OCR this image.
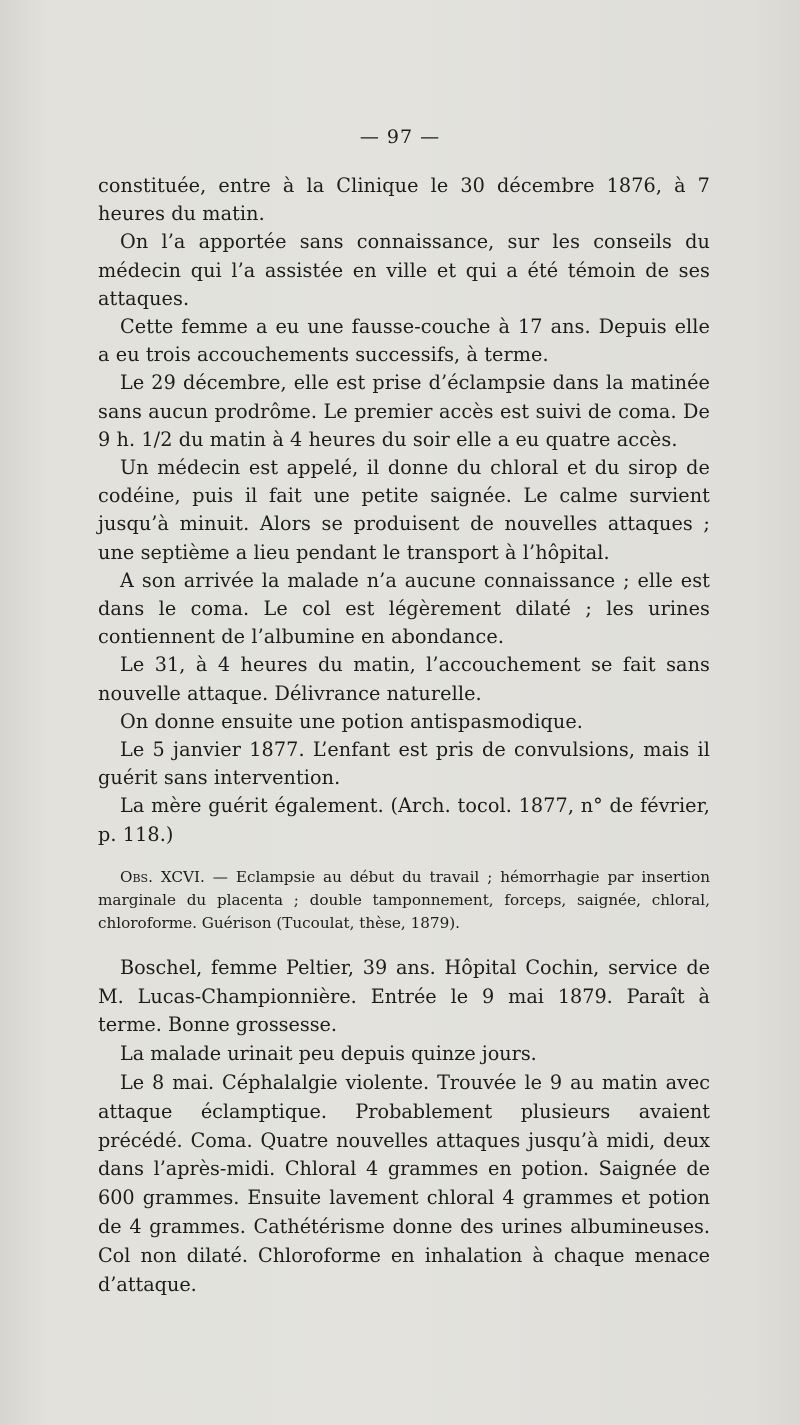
— 97 —

constituée, entre à la Clinique le 30 décembre 1876, à 7 heures du matin.

On l’a apportée sans connaissance, sur les conseils du médecin qui l’a assistée en ville et qui a été témoin de ses attaques.

Cette femme a eu une fausse-couche à 17 ans. Depuis elle a eu trois accouchements successifs, à terme.

Le 29 décembre, elle est prise d’éclampsie dans la matinée sans aucun prodrôme. Le premier accès est suivi de coma. De 9 h. 1/2 du matin à 4 heures du soir elle a eu quatre accès.

Un médecin est appelé, il donne du chloral et du sirop de codéine, puis il fait une petite saignée. Le calme survient jusqu’à minuit. Alors se produisent de nouvelles attaques ; une septième a lieu pendant le transport à l’hôpital.

A son arrivée la malade n’a aucune connaissance ; elle est dans le coma. Le col est légèrement dilaté ; les urines contiennent de l’albumine en abondance.

Le 31, à 4 heures du matin, l’accouchement se fait sans nouvelle attaque. Délivrance naturelle.

On donne ensuite une potion antispasmodique.

Le 5 janvier 1877. L’enfant est pris de convulsions, mais il guérit sans intervention.

La mère guérit également. (Arch. tocol. 1877, n° de février, p. 118.)

Obs. XCVI. — Eclampsie au début du travail ; hémorrhagie par insertion marginale du placenta ; double tamponnement, forceps, saignée, chloral, chloroforme. Guérison (Tucoulat, thèse, 1879).

Boschel, femme Peltier, 39 ans. Hôpital Cochin, service de M. Lucas-Championnière. Entrée le 9 mai 1879. Paraît à terme. Bonne grossesse.

La malade urinait peu depuis quinze jours.

Le 8 mai. Céphalalgie violente. Trouvée le 9 au matin avec attaque éclamptique. Probablement plusieurs avaient précédé. Coma. Quatre nouvelles attaques jusqu’à midi, deux dans l’après-midi. Chloral 4 grammes en potion. Saignée de 600 grammes. Ensuite lavement chloral 4 grammes et potion de 4 grammes. Cathétérisme donne des urines albumineuses. Col non dilaté. Chloroforme en inhalation à chaque menace d’attaque.
